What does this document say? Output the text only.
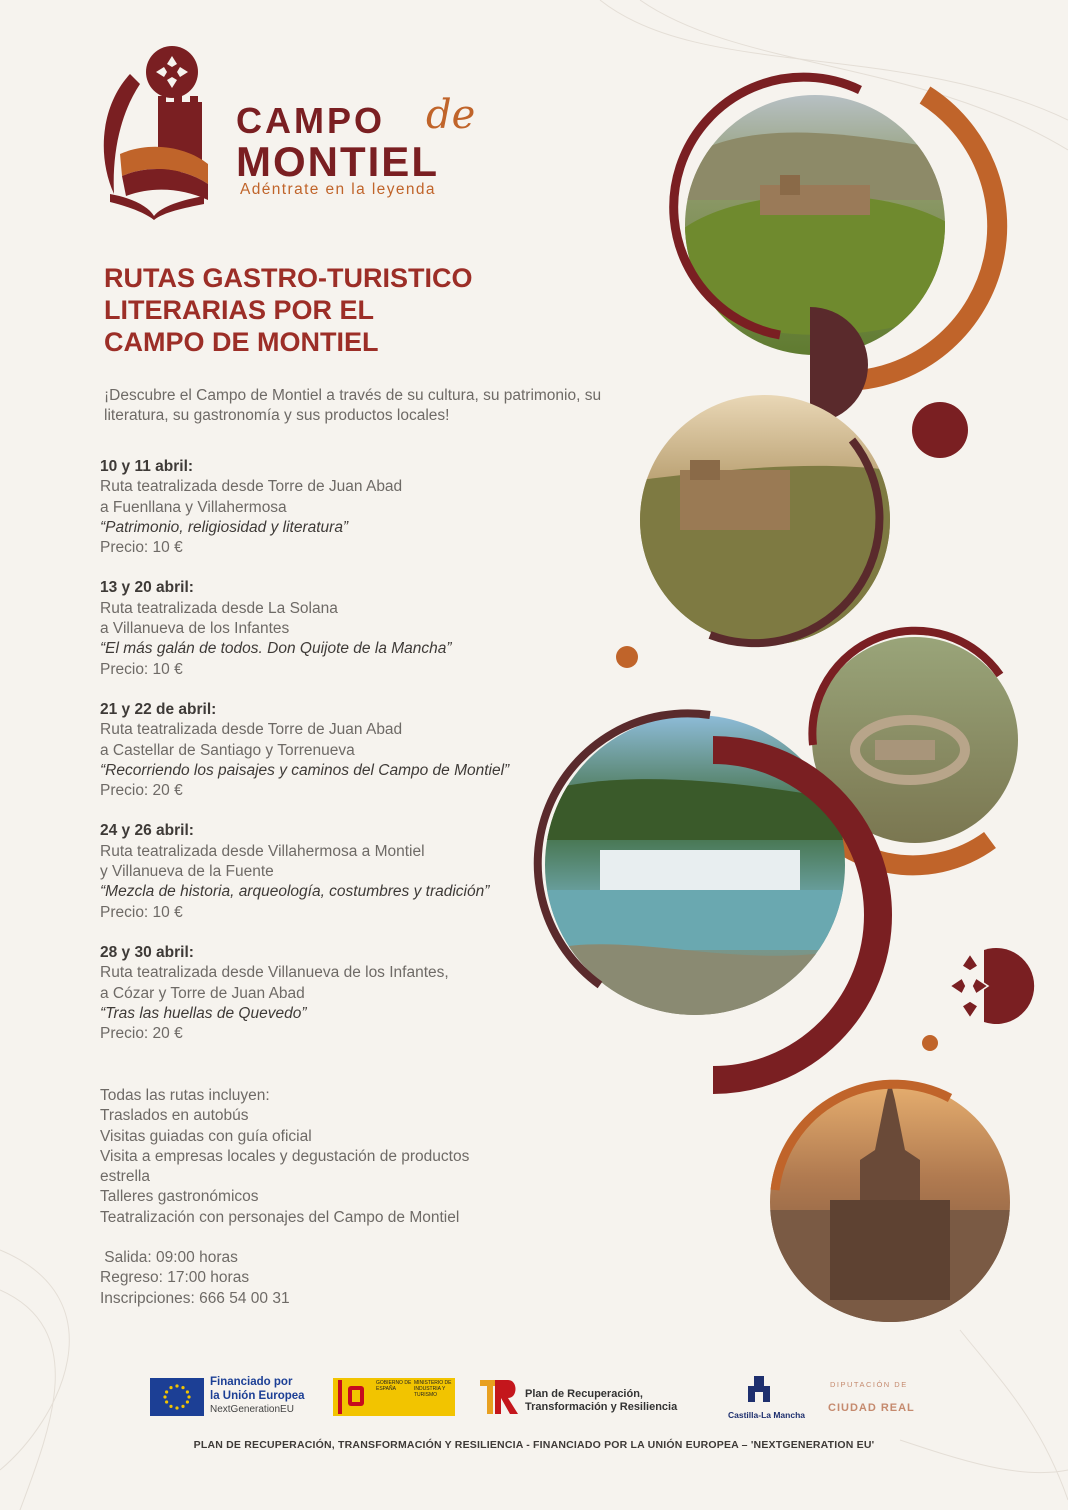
CAMPO de
MONTIEL
Adéntrate en la leyenda
RUTAS GASTRO-TURISTICO
LITERARIAS POR EL
CAMPO DE MONTIEL
¡Descubre el Campo de Montiel a través de su cultura, su patrimonio, su literatura, su gastronomía y sus productos locales!
10 y 11 abril:
Ruta teatralizada desde Torre de Juan Abad
a Fuenllana y Villahermosa
“Patrimonio, religiosidad y literatura”
Precio: 10 €
13 y 20 abril:
Ruta teatralizada desde La Solana
a Villanueva de los Infantes
“El más galán de todos. Don Quijote de la Mancha”
Precio: 10 €
21 y 22 de abril:
Ruta teatralizada desde Torre de Juan Abad
a Castellar de Santiago y Torrenueva
“Recorriendo los paisajes y caminos del Campo de Montiel”
Precio: 20 €
24 y 26 abril:
Ruta teatralizada desde Villahermosa a Montiel
y Villanueva de la Fuente
“Mezcla de historia, arqueología, costumbres y tradición”
Precio: 10 €
28 y 30 abril:
Ruta teatralizada desde Villanueva de los Infantes,
a Cózar y Torre de Juan Abad
“Tras las huellas de Quevedo”
Precio: 20 €
Todas las rutas incluyen:
Traslados en autobús
Visitas guiadas con guía oficial
Visita a empresas locales y degustación de productos estrella
Talleres gastronómicos
Teatralización con personajes del Campo de Montiel
Salida: 09:00 horas
Regreso: 17:00 horas
Inscripciones: 666 54 00 31
Financiado por
la Unión Europea
NextGenerationEU
GOBIERNO DE ESPAÑA
MINISTERIO DE INDUSTRIA Y TURISMO	Plan de Recuperación,
Transformación y Resiliencia
Castilla-La Mancha
DIPUTACIÓN DE
CIUDAD REAL
PLAN DE RECUPERACIÓN, TRANSFORMACIÓN Y RESILIENCIA - FINANCIADO POR LA UNIÓN EUROPEA – 'NEXTGENERATION EU'
